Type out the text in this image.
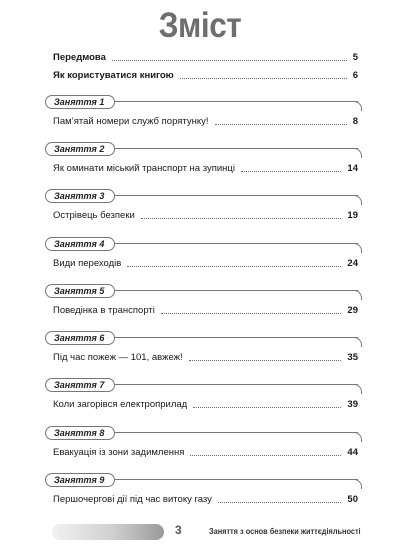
Зміст
Передмова	5
Як користуватися книгою	6
Заняття 1
Пам’ятай номери служб порятунку!	8
Заняття 2
Як оминати міський транспорт на зупинці	14
Заняття 3
Острівець безпеки	19
Заняття 4
Види переходів	24
Заняття 5
Поведінка в транспорті	29
Заняття 6
Під час пожеж — 101, авжеж!	35
Заняття 7
Коли загорівся електроприлад	39
Заняття 8
Евакуація із зони задимлення	44
Заняття 9
Першочергові дії під час витоку газу	50
3	Заняття з основ безпеки життєдіяльності
